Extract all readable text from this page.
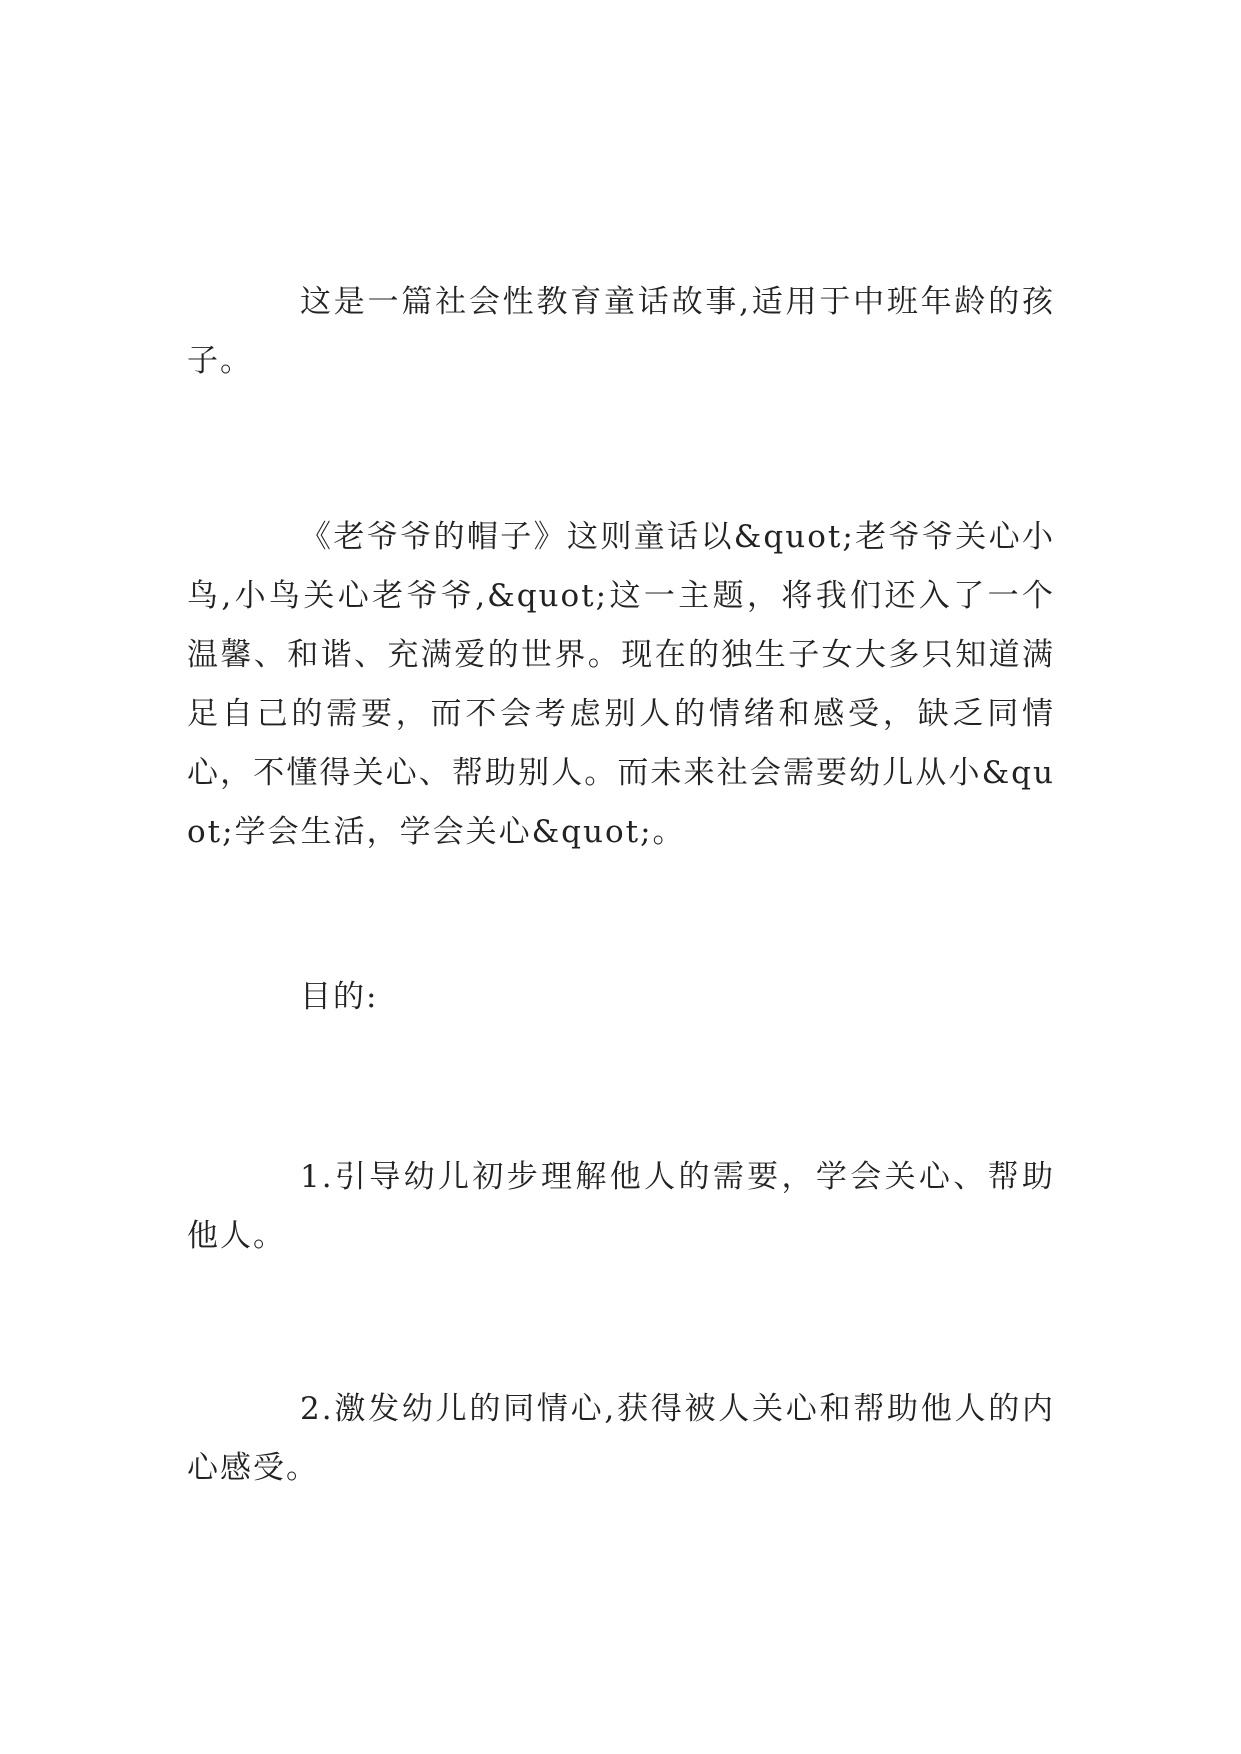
这是一篇社会性教育童话故事,适用于中班年龄的孩子。

《老爷爷的帽子》这则童话以&quot;老爷爷关心小鸟,小鸟关心老爷爷,&quot;这一主题，将我们还入了一个温馨、和谐、充满爱的世界。现在的独生子女大多只知道满足自己的需要，而不会考虑别人的情绪和感受，缺乏同情心，不懂得关心、帮助别人。而未来社会需要幼儿从小&quot;学会生活，学会关心&quot;。

目的:

1.引导幼儿初步理解他人的需要，学会关心、帮助他人。

2.激发幼儿的同情心,获得被人关心和帮助他人的内心感受。
